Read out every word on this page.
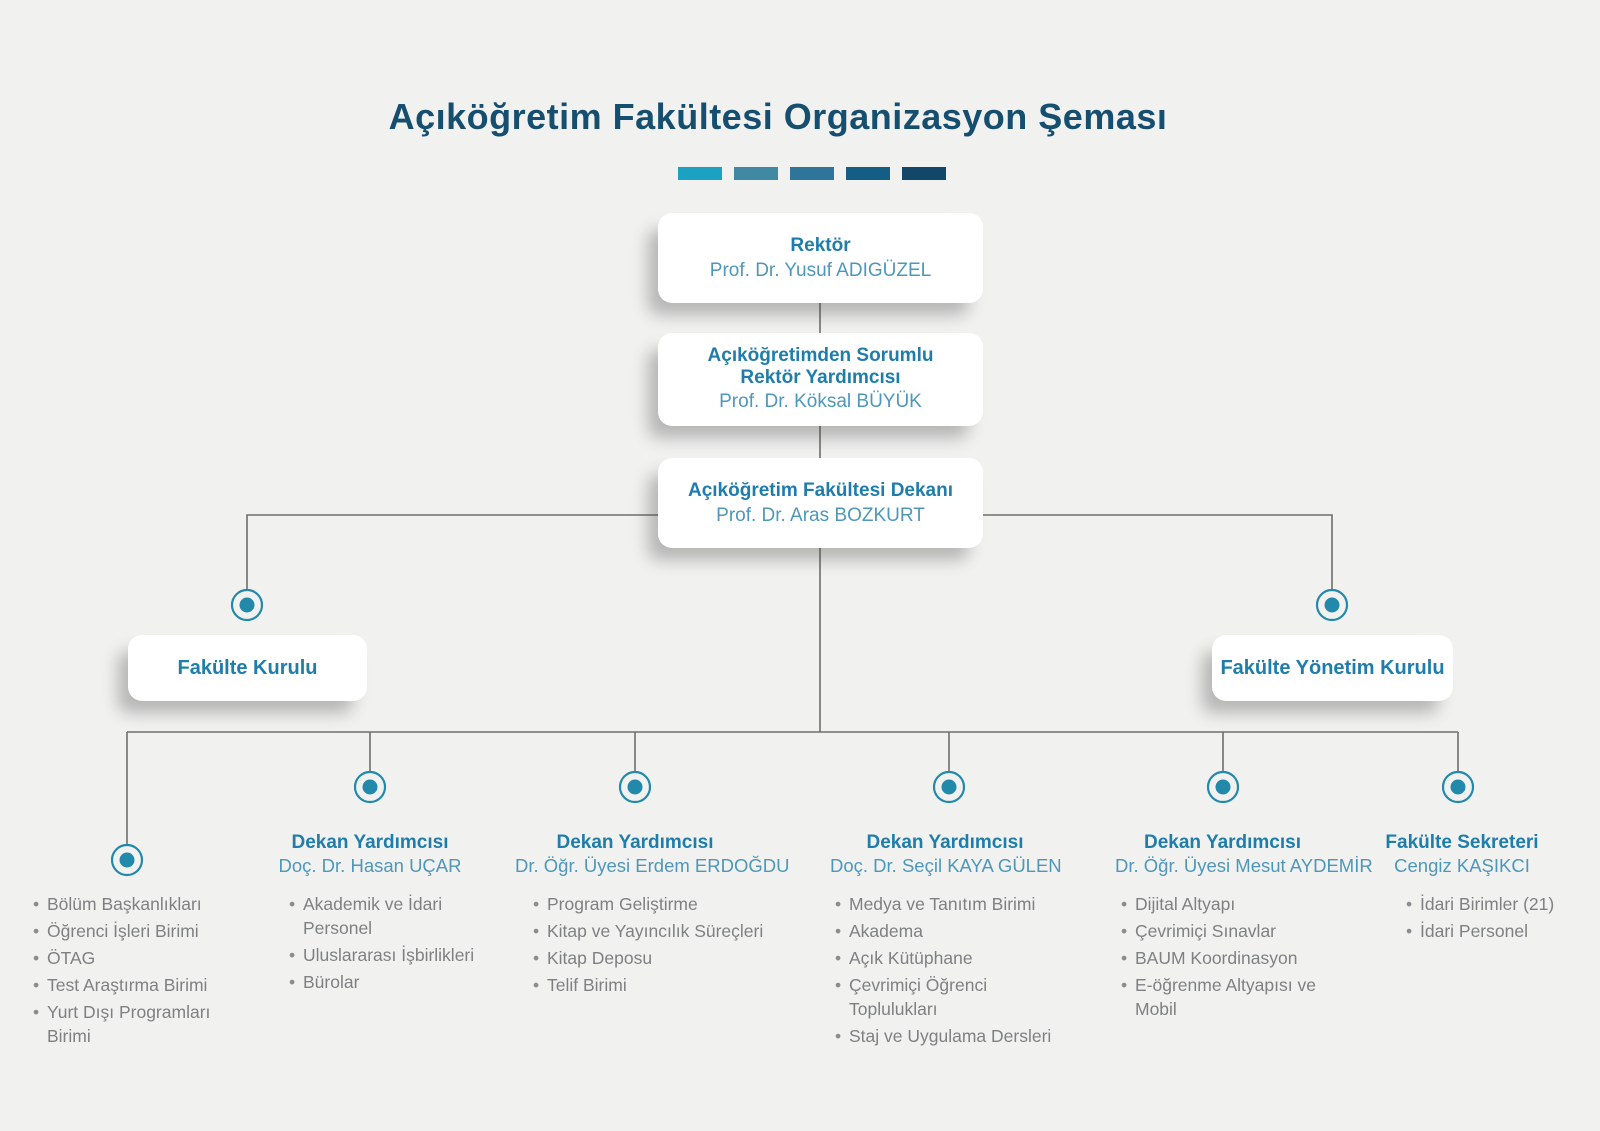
Açıköğretim Fakültesi Organizasyon Şeması
Rektör
Prof. Dr. Yusuf ADIGÜZEL
Açıköğretimden Sorumlu
Rektör Yardımcısı
Prof. Dr. Köksal BÜYÜK
Açıköğretim Fakültesi Dekanı
Prof. Dr. Aras BOZKURT
Fakülte Kurulu	Fakülte Yönetim Kurulu
• Bölüm Başkanlıkları
• Öğrenci İşleri Birimi
• ÖTAG
• Test Araştırma Birimi
• Yurt Dışı Programları Birimi
Dekan Yardımcısı
Doç. Dr. Hasan UÇAR
• Akademik ve İdari Personel
• Uluslararası İşbirlikleri
• Bürolar
Dekan Yardımcısı
Dr. Öğr. Üyesi Erdem ERDOĞDU
• Program Geliştirme
• Kitap ve Yayıncılık Süreçleri
• Kitap Deposu
• Telif Birimi
Dekan Yardımcısı
Doç. Dr. Seçil KAYA GÜLEN
• Medya ve Tanıtım Birimi
• Akadema
• Açık Kütüphane
• Çevrimiçi Öğrenci Toplulukları
• Staj ve Uygulama Dersleri
Dekan Yardımcısı
Dr. Öğr. Üyesi Mesut AYDEMİR
• Dijital Altyapı
• Çevrimiçi Sınavlar
• BAUM Koordinasyon
• E-öğrenme Altyapısı ve Mobil
Fakülte Sekreteri
Cengiz KAŞIKCI
• İdari Birimler (21)
• İdari Personel
